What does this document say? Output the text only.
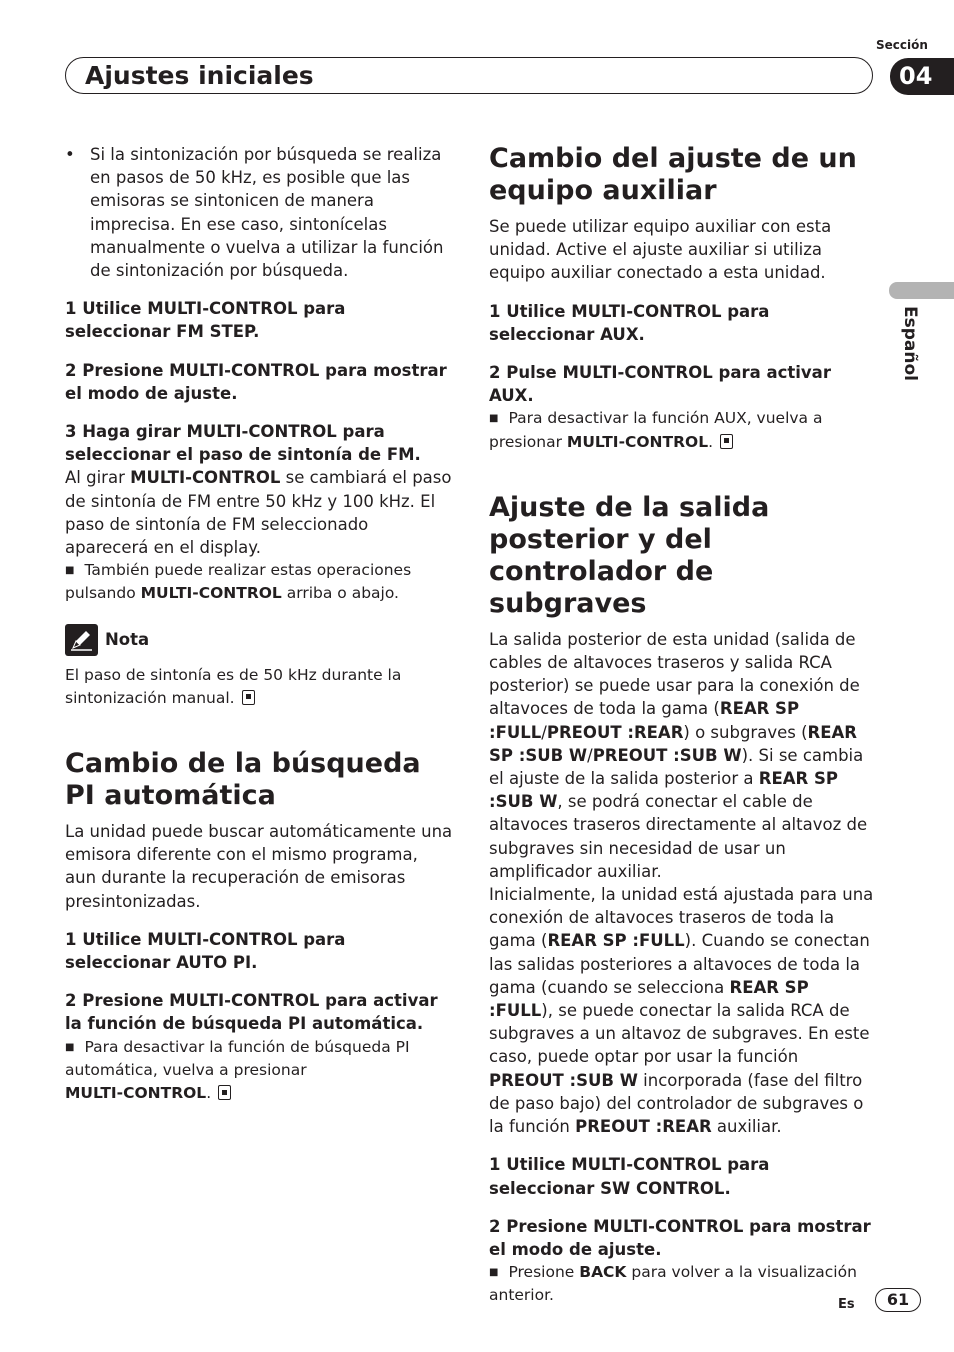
Ajustes iniciales
Sección
04
Español

• Si la sintonización por búsqueda se realiza en pasos de 50 kHz, es posible que las emisoras se sintonicen de manera imprecisa. En ese caso, sintonícelas manualmente o vuelva a utilizar la función de sintonización por búsqueda.

1 Utilice MULTI-CONTROL para seleccionar FM STEP.

2 Presione MULTI-CONTROL para mostrar el modo de ajuste.

3 Haga girar MULTI-CONTROL para seleccionar el paso de sintonía de FM.

Al girar MULTI-CONTROL se cambiará el paso de sintonía de FM entre 50 kHz y 100 kHz. El paso de sintonía de FM seleccionado aparecerá en el display.

■ También puede realizar estas operaciones pulsando MULTI-CONTROL arriba o abajo.

Nota

El paso de sintonía es de 50 kHz durante la sintonización manual.

Cambio de la búsqueda PI automática

La unidad puede buscar automáticamente una emisora diferente con el mismo programa, aun durante la recuperación de emisoras presintonizadas.

1 Utilice MULTI-CONTROL para seleccionar AUTO PI.

2 Presione MULTI-CONTROL para activar la función de búsqueda PI automática.

■ Para desactivar la función de búsqueda PI automática, vuelva a presionar
MULTI-CONTROL.

Cambio del ajuste de un equipo auxiliar

Se puede utilizar equipo auxiliar con esta unidad. Active el ajuste auxiliar si utiliza equipo auxiliar conectado a esta unidad.

1 Utilice MULTI-CONTROL para seleccionar AUX.

2 Pulse MULTI-CONTROL para activar AUX.

■ Para desactivar la función AUX, vuelva a presionar MULTI-CONTROL.

Ajuste de la salida posterior y del controlador de subgraves

La salida posterior de esta unidad (salida de cables de altavoces traseros y salida RCA posterior) se puede usar para la conexión de altavoces de toda la gama (REAR SP :FULL/PREOUT :REAR) o subgraves (REAR SP :SUB W/PREOUT :SUB W). Si se cambia el ajuste de la salida posterior a REAR SP :SUB W, se podrá conectar el cable de altavoces traseros directamente al altavoz de subgraves sin necesidad de usar un amplificador auxiliar.

Inicialmente, la unidad está ajustada para una conexión de altavoces traseros de toda la gama (REAR SP :FULL). Cuando se conectan las salidas posteriores a altavoces de toda la gama (cuando se selecciona REAR SP :FULL), se puede conectar la salida RCA de subgraves a un altavoz de subgraves. En este caso, puede optar por usar la función PREOUT :SUB W incorporada (fase del filtro de paso bajo) del controlador de subgraves o la función PREOUT :REAR auxiliar.

1 Utilice MULTI-CONTROL para seleccionar SW CONTROL.

2 Presione MULTI-CONTROL para mostrar el modo de ajuste.

■ Presione BACK para volver a la visualización anterior.

Es	61
